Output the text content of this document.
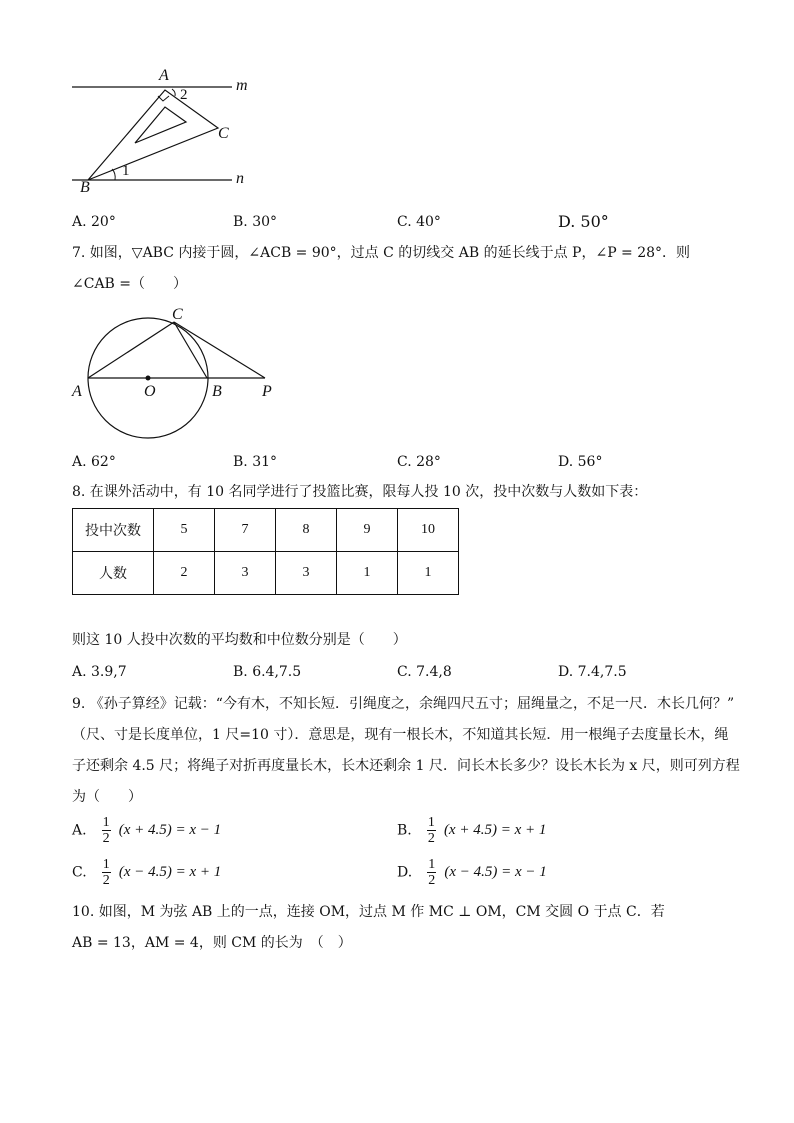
A
2
m
C
1	n
B
A. 20°	B. 30°	C. 40°	D. 50°
7. 如图，▽ABC 内接于圆，∠ACB = 90°，过点 C 的切线交 AB 的延长线于点 P，∠P = 28°．则
∠CAB =（　　）
C
A	O	B	P
A. 62°	B. 31°	C. 28°	D. 56°
8. 在课外活动中，有 10 名同学进行了投篮比赛，限每人投 10 次，投中次数与人数如下表：
投中次数	5	7	8	9	10
人数	2	3	3	1	1
则这 10 人投中次数的平均数和中位数分别是（　　）
A. 3.9,7	B. 6.4,7.5	C. 7.4,8	D. 7.4,7.5
9. 《孙子算经》记载：“今有木，不知长短．引绳度之，余绳四尺五寸；屈绳量之，不足一尺．木长几何？”
（尺、寸是长度单位，1 尺=10 寸）．意思是，现有一根长木，不知道其长短．用一根绳子去度量长木，绳
子还剩余 4.5 尺；将绳子对折再度量长木，长木还剩余 1 尺．问长木长多少？设长木长为 x 尺，则可列方程
为（　　）
A. $\frac{1}{2} (x + 4.5) = x - 1$	B. $\frac{1}{2} (x + 4.5) = x + 1$
C. $\frac{1}{2} (x - 4.5) = x + 1$	D. $\frac{1}{2} (x - 4.5) = x - 1$
10. 如图，M 为弦 AB 上的一点，连接 OM，过点 M 作 MC ⊥ OM，CM 交圆 O 于点 C．若
AB = 13，AM = 4，则 CM 的长为　（　）
